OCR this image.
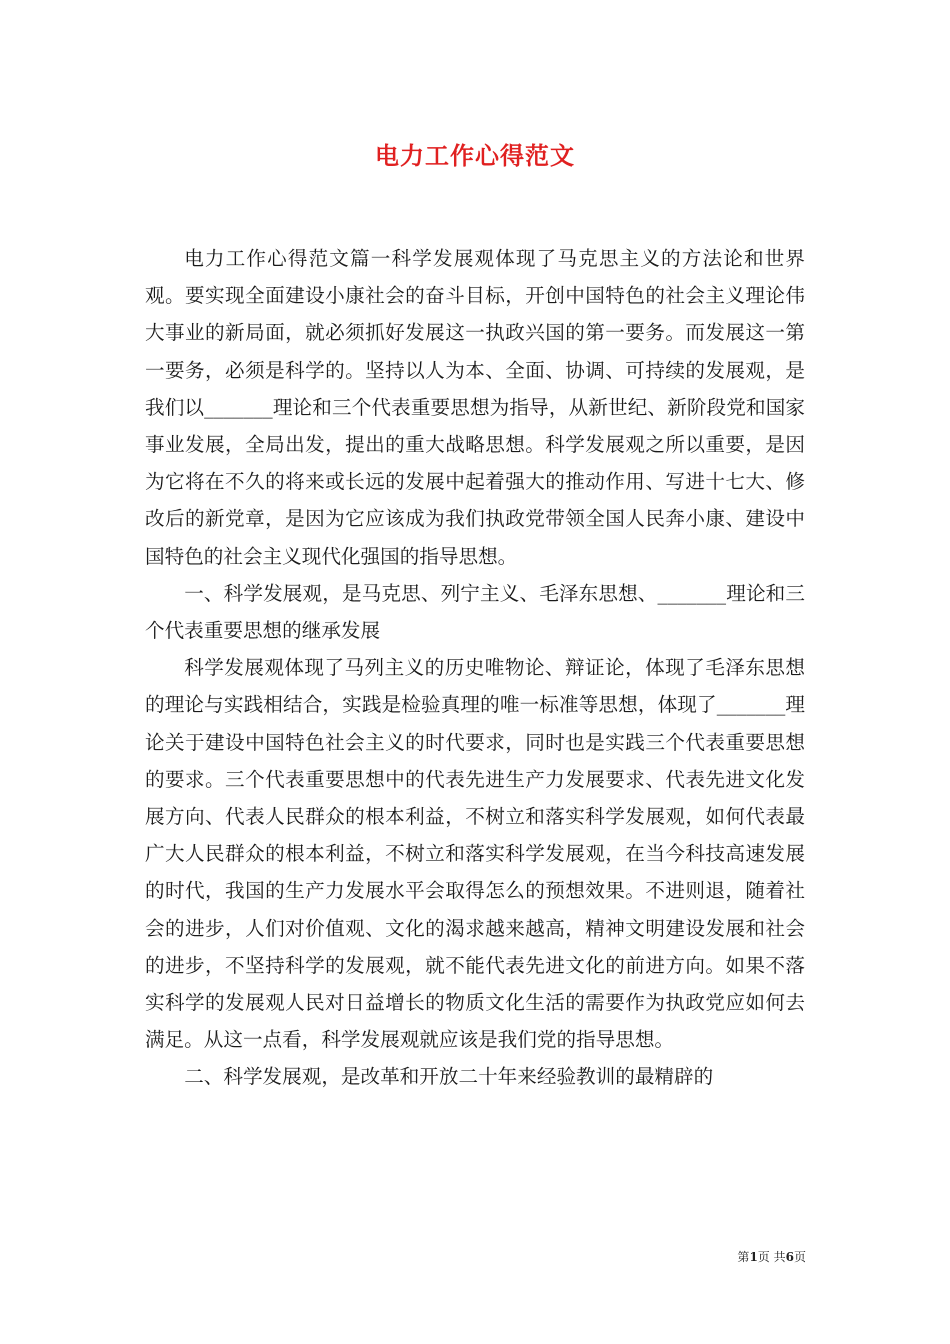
电力工作心得范文

电力工作心得范文篇一科学发展观体现了马克思主义的方法论和世界观。要实现全面建设小康社会的奋斗目标，开创中国特色的社会主义理论伟大事业的新局面，就必须抓好发展这一执政兴国的第一要务。而发展这一第一要务，必须是科学的。坚持以人为本、全面、协调、可持续的发展观，是我们以_______理论和三个代表重要思想为指导，从新世纪、新阶段党和国家事业发展，全局出发，提出的重大战略思想。科学发展观之所以重要，是因为它将在不久的将来或长远的发展中起着强大的推动作用、写进十七大、修改后的新党章，是因为它应该成为我们执政党带领全国人民奔小康、建设中国特色的社会主义现代化强国的指导思想。

一、科学发展观，是马克思、列宁主义、毛泽东思想、_______理论和三个代表重要思想的继承发展

科学发展观体现了马列主义的历史唯物论、辩证论，体现了毛泽东思想的理论与实践相结合，实践是检验真理的唯一标准等思想，体现了_______理论关于建设中国特色社会主义的时代要求，同时也是实践三个代表重要思想的要求。三个代表重要思想中的代表先进生产力发展要求、代表先进文化发展方向、代表人民群众的根本利益，不树立和落实科学发展观，如何代表最广大人民群众的根本利益，不树立和落实科学发展观，在当今科技高速发展的时代，我国的生产力发展水平会取得怎么的预想效果。不进则退，随着社会的进步，人们对价值观、文化的渴求越来越高，精神文明建设发展和社会的进步，不坚持科学的发展观，就不能代表先进文化的前进方向。如果不落实科学的发展观人民对日益增长的物质文化生活的需要作为执政党应如何去满足。从这一点看，科学发展观就应该是我们党的指导思想。

二、科学发展观，是改革和开放二十年来经验教训的最精辟的

第1页 共6页
